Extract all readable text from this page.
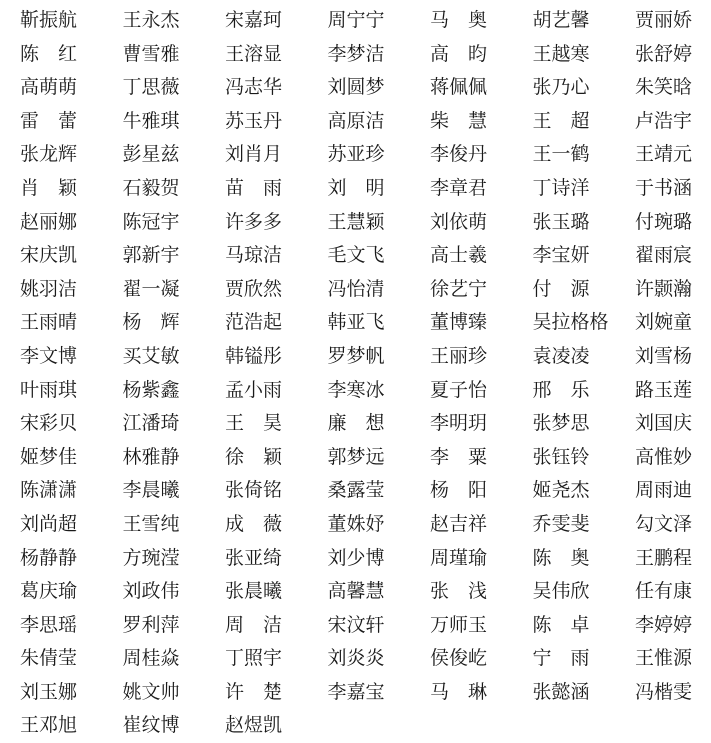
靳振航	王永杰	宋嘉珂	周宁宁	马　奥	胡艺馨	贾丽娇
陈　红	曹雪雅	王溶显	李梦洁	高　昀	王越寒	张舒婷
高萌萌	丁思薇	冯志华	刘圆梦	蒋佩佩	张乃心	朱笑晗
雷　蕾	牛雅琪	苏玉丹	高原洁	柴　慧	王　超	卢浩宇
张龙辉	彭星兹	刘肖月	苏亚珍	李俊丹	王一鹤	王靖元
肖　颖	石毅贺	苗　雨	刘　明	李章君	丁诗洋	于书涵
赵丽娜	陈冠宇	许多多	王慧颖	刘依萌	张玉璐	付琬璐
宋庆凯	郭新宇	马琼洁	毛文飞	高士羲	李宝妍	翟雨宸
姚羽洁	翟一凝	贾欣然	冯怡清	徐艺宁	付　源	许颢瀚
王雨晴	杨　辉	范浩起	韩亚飞	董博臻	吴拉格格	刘婉童
李文博	买艾敏	韩镒彤	罗梦帆	王丽珍	袁凌凌	刘雪杨
叶雨琪	杨紫鑫	孟小雨	李寒冰	夏子怡	邢　乐	路玉莲
宋彩贝	江潘琦	王　昊	廉　想	李明玥	张梦思	刘国庆
姬梦佳	林雅静	徐　颖	郭梦远	李　粟	张钰铃	高惟妙
陈潇潇	李晨曦	张倚铭	桑露莹	杨　阳	姬尧杰	周雨迪
刘尚超	王雪纯	成　薇	董姝妤	赵吉祥	乔雯斐	勾文泽
杨静静	方琬滢	张亚绮	刘少博	周瑾瑜	陈　奥	王鹏程
葛庆瑜	刘政伟	张晨曦	高馨慧	张　浅	吴伟欣	任有康
李思瑶	罗利萍	周　洁	宋汶轩	万师玉	陈　卓	李婷婷
朱倩莹	周桂焱	丁照宇	刘炎炎	侯俊屹	宁　雨	王惟源
刘玉娜	姚文帅	许　楚	李嘉宝	马　琳	张懿涵	冯楷雯
王邓旭	崔纹博	赵煜凯
